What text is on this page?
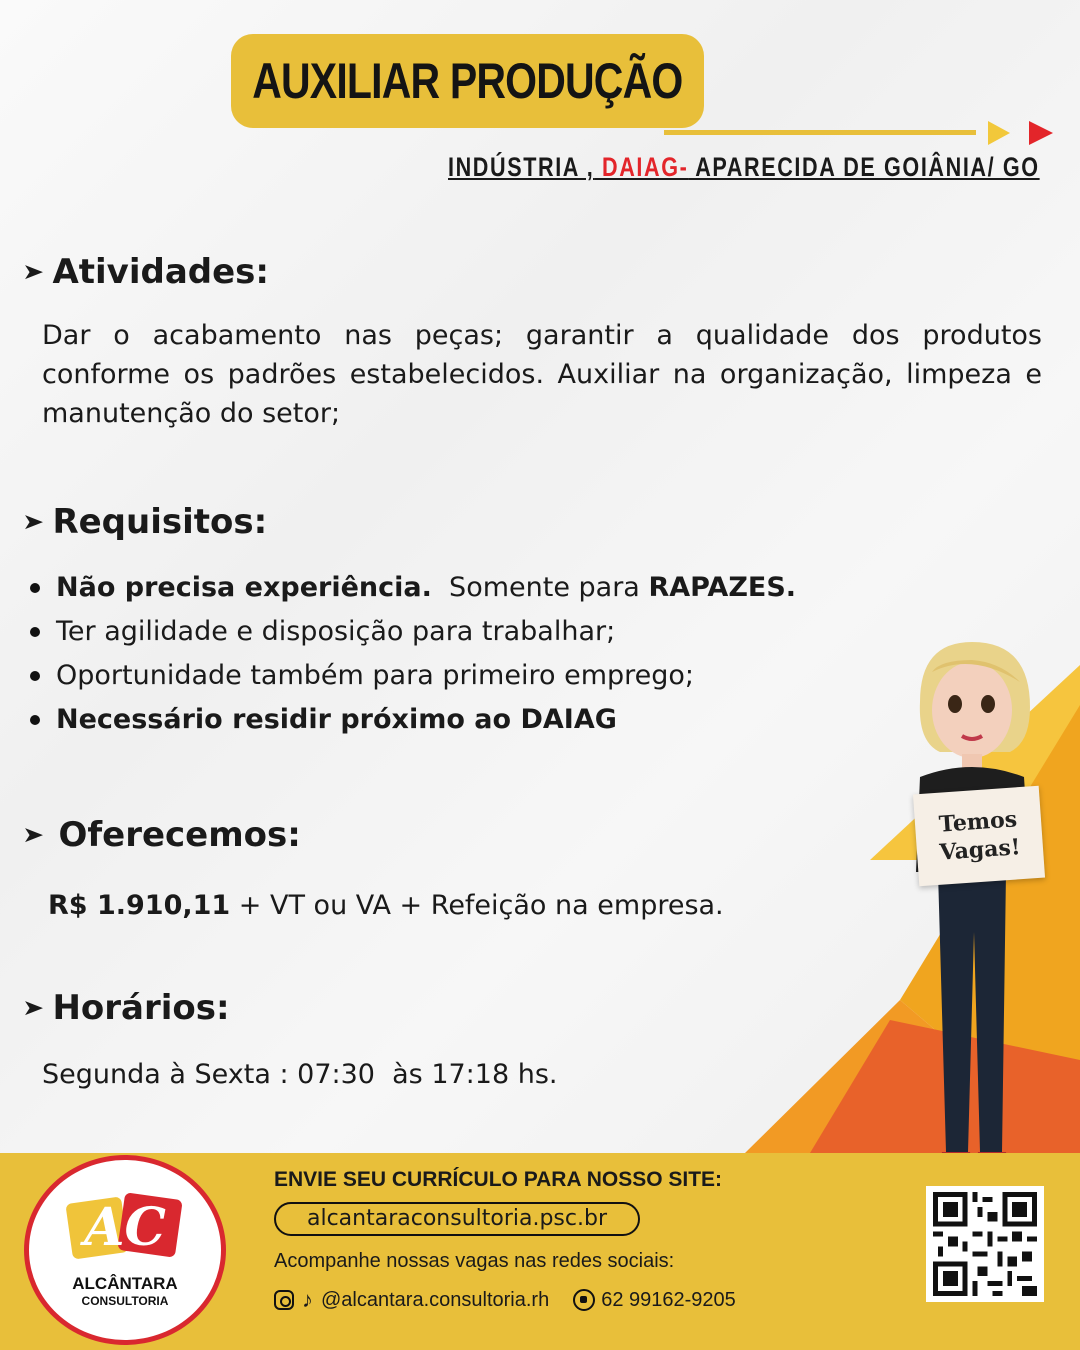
AUXILIAR PRODUÇÃO
INDÚSTRIA , DAIAG- APARECIDA DE GOIÂNIA/ GO
➤ Atividades:

Dar o acabamento nas peças; garantir a qualidade dos produtos conforme os padrões estabelecidos. Auxiliar na organização, limpeza e manutenção do setor;

➤ Requisitos:
Não precisa experiência. Somente para RAPAZES.
Ter agilidade e disposição para trabalhar;
Oportunidade também para primeiro emprego;
Necessário residir próximo ao DAIAG
➤ Oferecemos:
R$ 1.910,11 + VT ou VA + Refeição na empresa.
➤ Horários:
Segunda à Sexta : 07:30  às 17:18 hs.
Temos
Vagas!
AC
ALCÂNTARA
CONSULTORIA
ENVIE SEU CURRÍCULO PARA NOSSO SITE:
alcantaraconsultoria.psc.br
Acompanhe nossas vagas nas redes sociais:
♪ @alcantara.consultoria.rh	62 99162-9205
